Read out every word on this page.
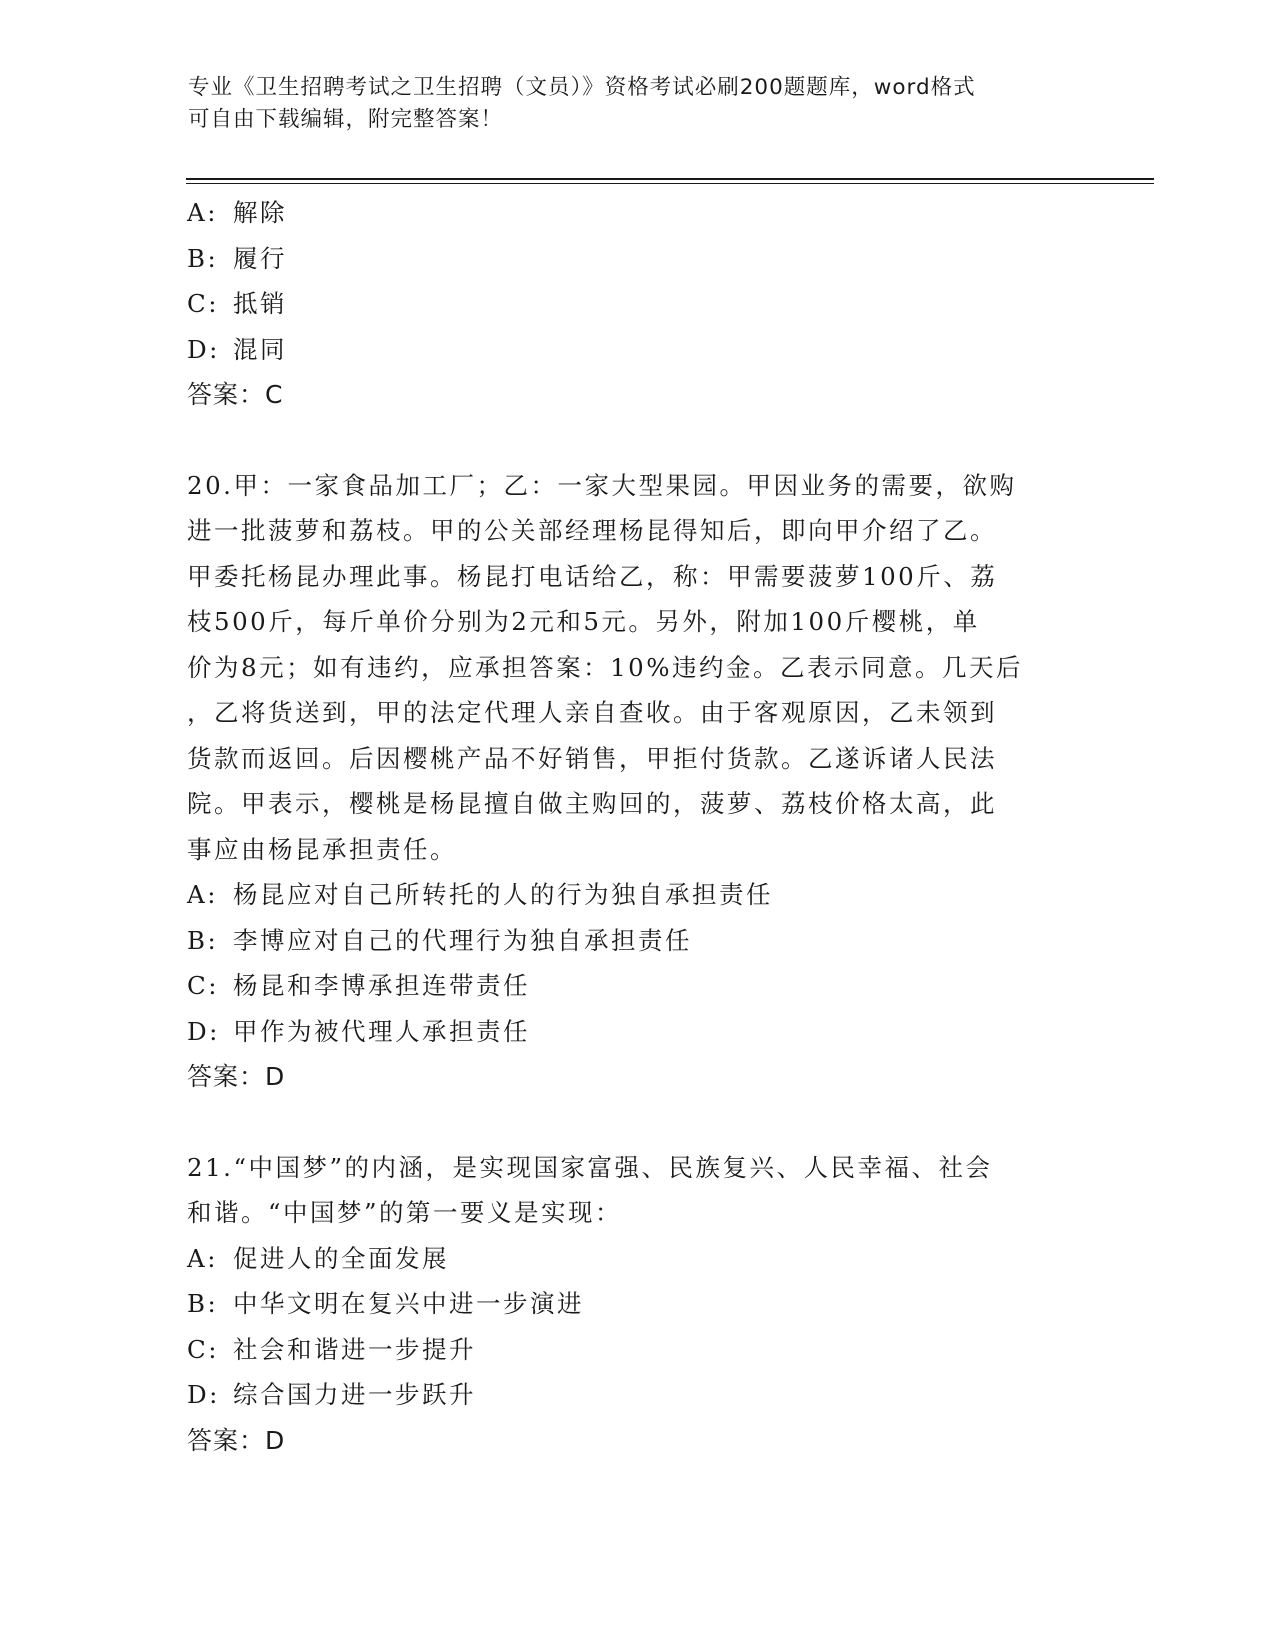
专业《卫生招聘考试之卫生招聘（文员）》资格考试必刷200题题库，word格式
可自由下载编辑，附完整答案！
A: 解除
B: 履行
C: 抵销
D: 混同
答案：C
20.甲：一家食品加工厂；乙：一家大型果园。甲因业务的需要，欲购
进一批菠萝和荔枝。甲的公关部经理杨昆得知后，即向甲介绍了乙。
甲委托杨昆办理此事。杨昆打电话给乙，称：甲需要菠萝100斤、荔
枝500斤，每斤单价分别为2元和5元。另外，附加100斤樱桃，单
价为8元；如有违约，应承担答案：10%违约金。乙表示同意。几天后
，乙将货送到，甲的法定代理人亲自查收。由于客观原因，乙未领到
货款而返回。后因樱桃产品不好销售，甲拒付货款。乙遂诉诸人民法
院。甲表示，樱桃是杨昆擅自做主购回的，菠萝、荔枝价格太高，此
事应由杨昆承担责任。
A: 杨昆应对自己所转托的人的行为独自承担责任
B: 李博应对自己的代理行为独自承担责任
C: 杨昆和李博承担连带责任
D: 甲作为被代理人承担责任
答案：D
21.“中国梦”的内涵，是实现国家富强、民族复兴、人民幸福、社会
和谐。“中国梦”的第一要义是实现：
A: 促进人的全面发展
B: 中华文明在复兴中进一步演进
C: 社会和谐进一步提升
D: 综合国力进一步跃升
答案：D
